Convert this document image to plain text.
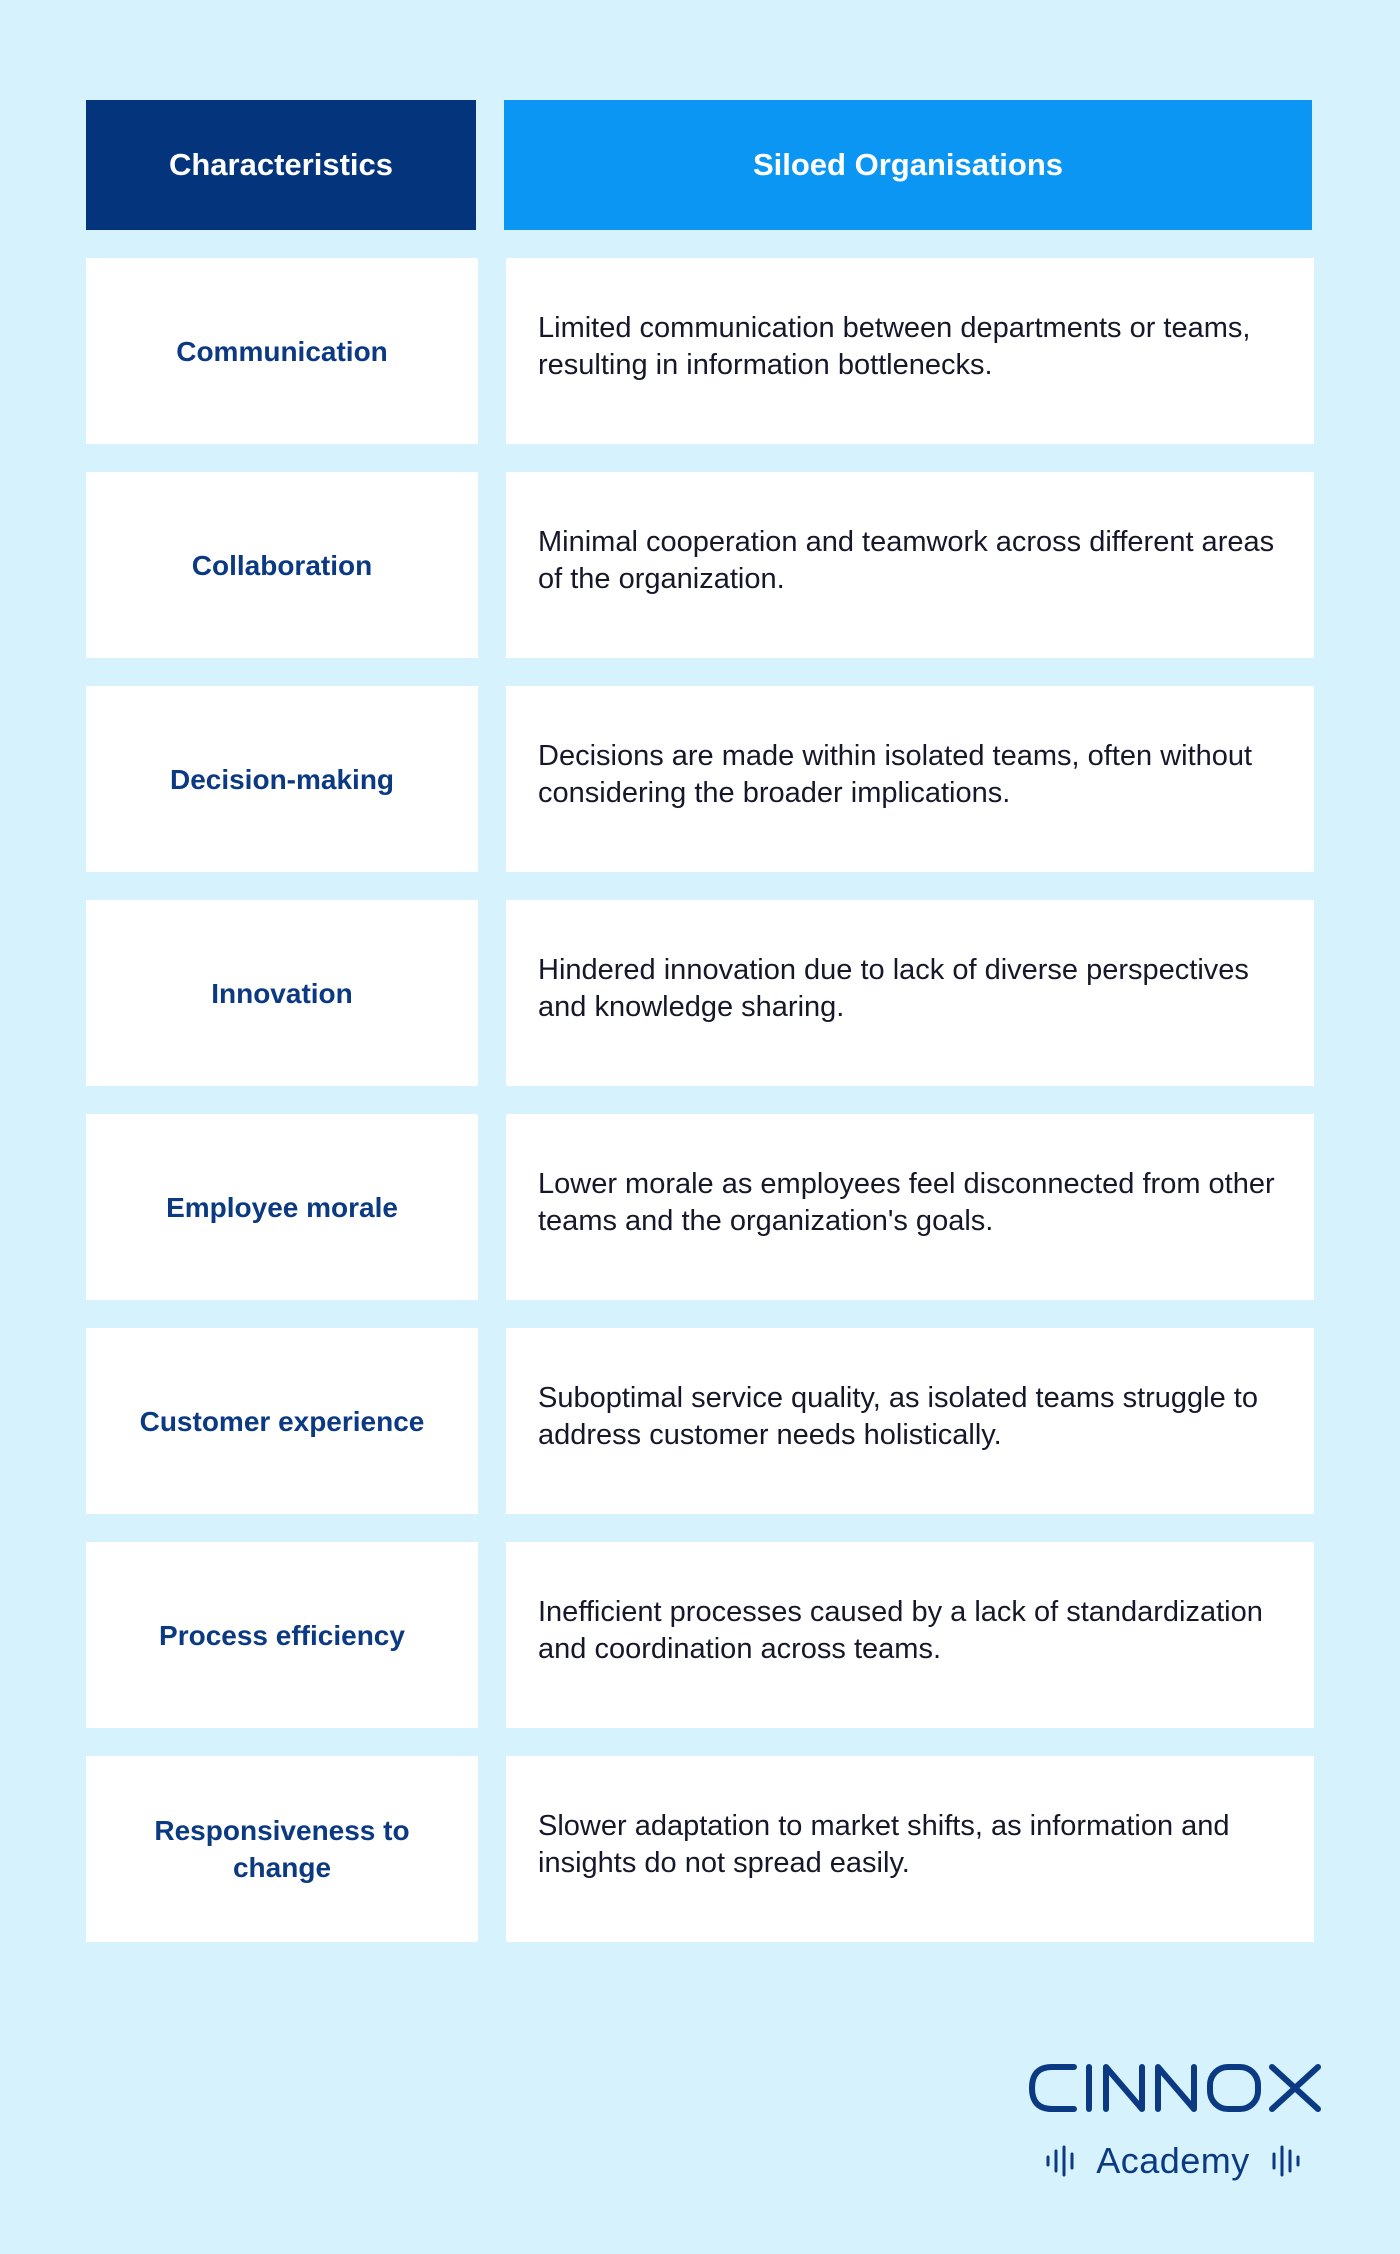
Characteristics	Siloed Organisations
Communication
Limited communication between departments or teams, resulting in information bottlenecks.
Collaboration
Minimal cooperation and teamwork across different areas of the organization.
Decision-making
Decisions are made within isolated teams, often without considering the broader implications.
Innovation
Hindered innovation due to lack of diverse perspectives and knowledge sharing.
Employee morale
Lower morale as employees feel disconnected from other teams and the organization's goals.
Customer experience
Suboptimal service quality, as isolated teams struggle to address customer needs holistically.
Process efficiency
Inefficient processes caused by a lack of standardization and coordination across teams.
Responsiveness to change
Slower adaptation to market shifts, as information and insights do not spread easily.
Academy
